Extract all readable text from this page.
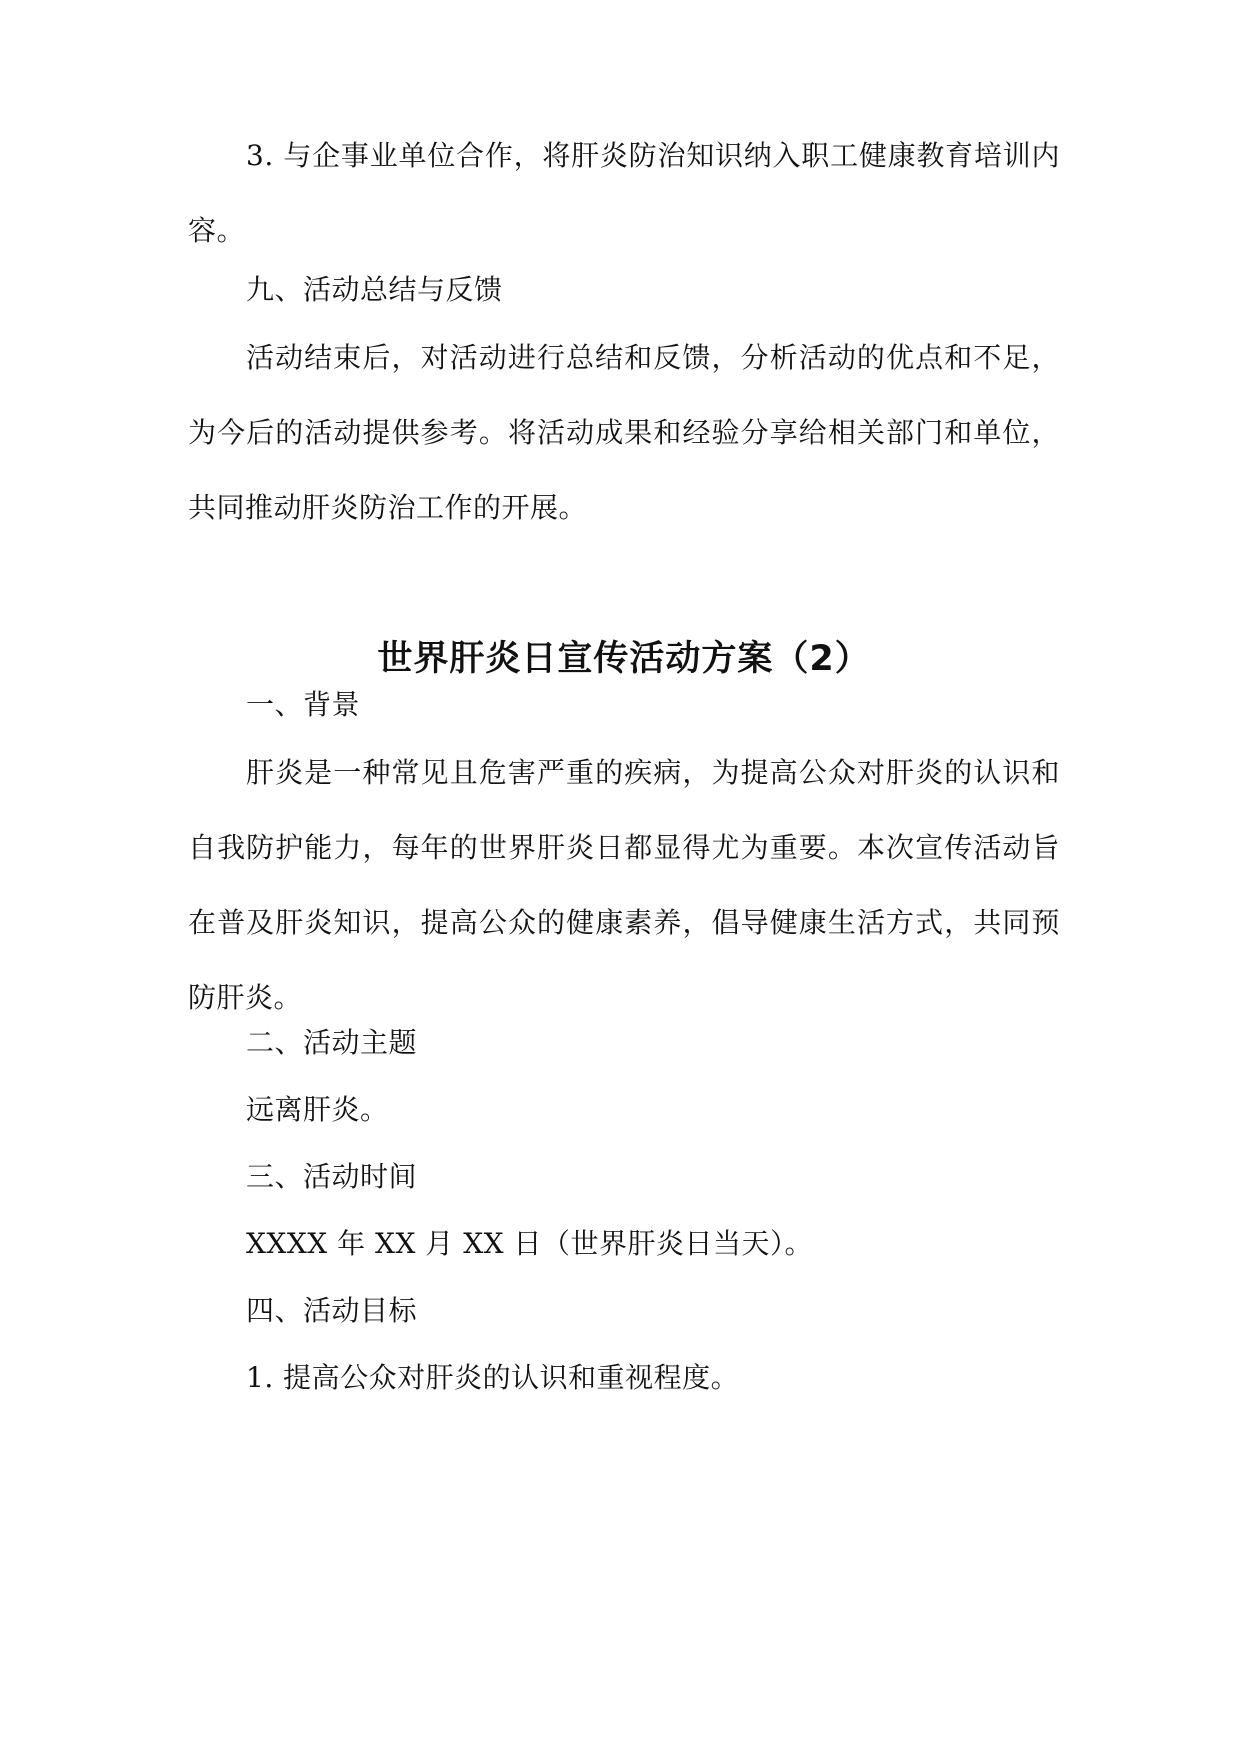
3. 与企事业单位合作，将肝炎防治知识纳入职工健康教育培训内容。

九、活动总结与反馈

活动结束后，对活动进行总结和反馈，分析活动的优点和不足，为今后的活动提供参考。将活动成果和经验分享给相关部门和单位，共同推动肝炎防治工作的开展。

世界肝炎日宣传活动方案（2）

一、背景

肝炎是一种常见且危害严重的疾病，为提高公众对肝炎的认识和自我防护能力，每年的世界肝炎日都显得尤为重要。本次宣传活动旨在普及肝炎知识，提高公众的健康素养，倡导健康生活方式，共同预防肝炎。

二、活动主题

远离肝炎。

三、活动时间

XXXX 年 XX 月 XX 日（世界肝炎日当天）。

四、活动目标

1. 提高公众对肝炎的认识和重视程度。
